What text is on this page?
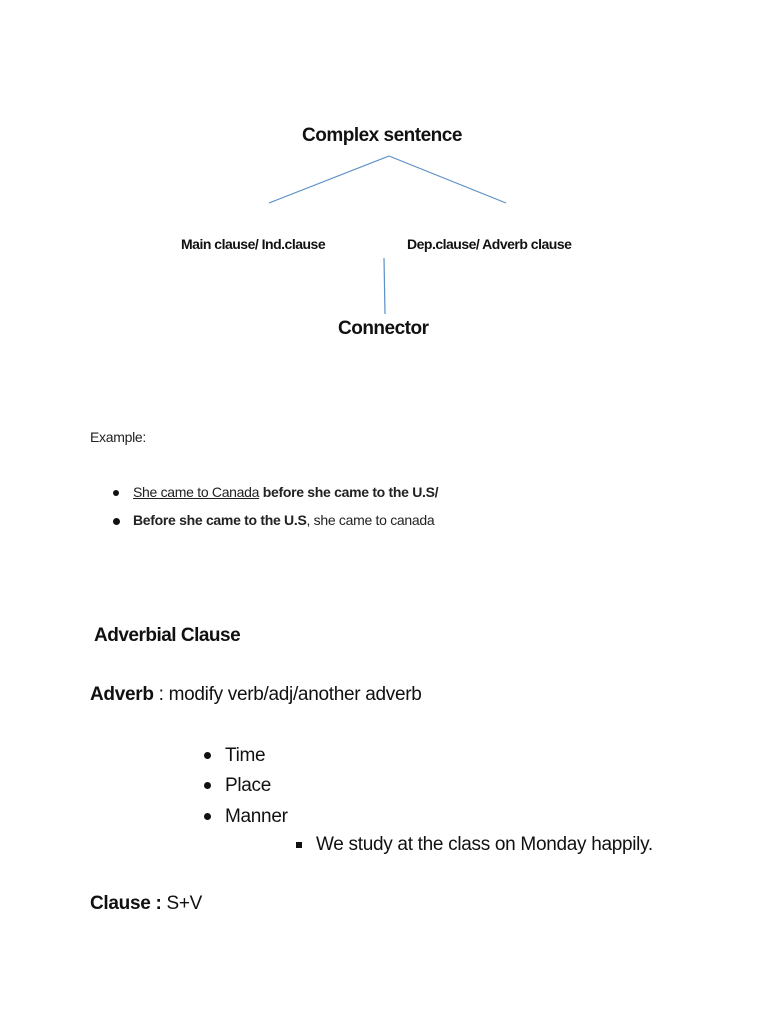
Complex sentence
Main clause/ Ind.clause	Dep.clause/ Adverb clause
Connector
Example:
She came to Canada before she came to the U.S/
Before she came to the U.S, she came to canada
Adverbial Clause
Adverb : modify verb/adj/another adverb
Time
Place
Manner
We study at the class on Monday happily.
Clause : S+V
